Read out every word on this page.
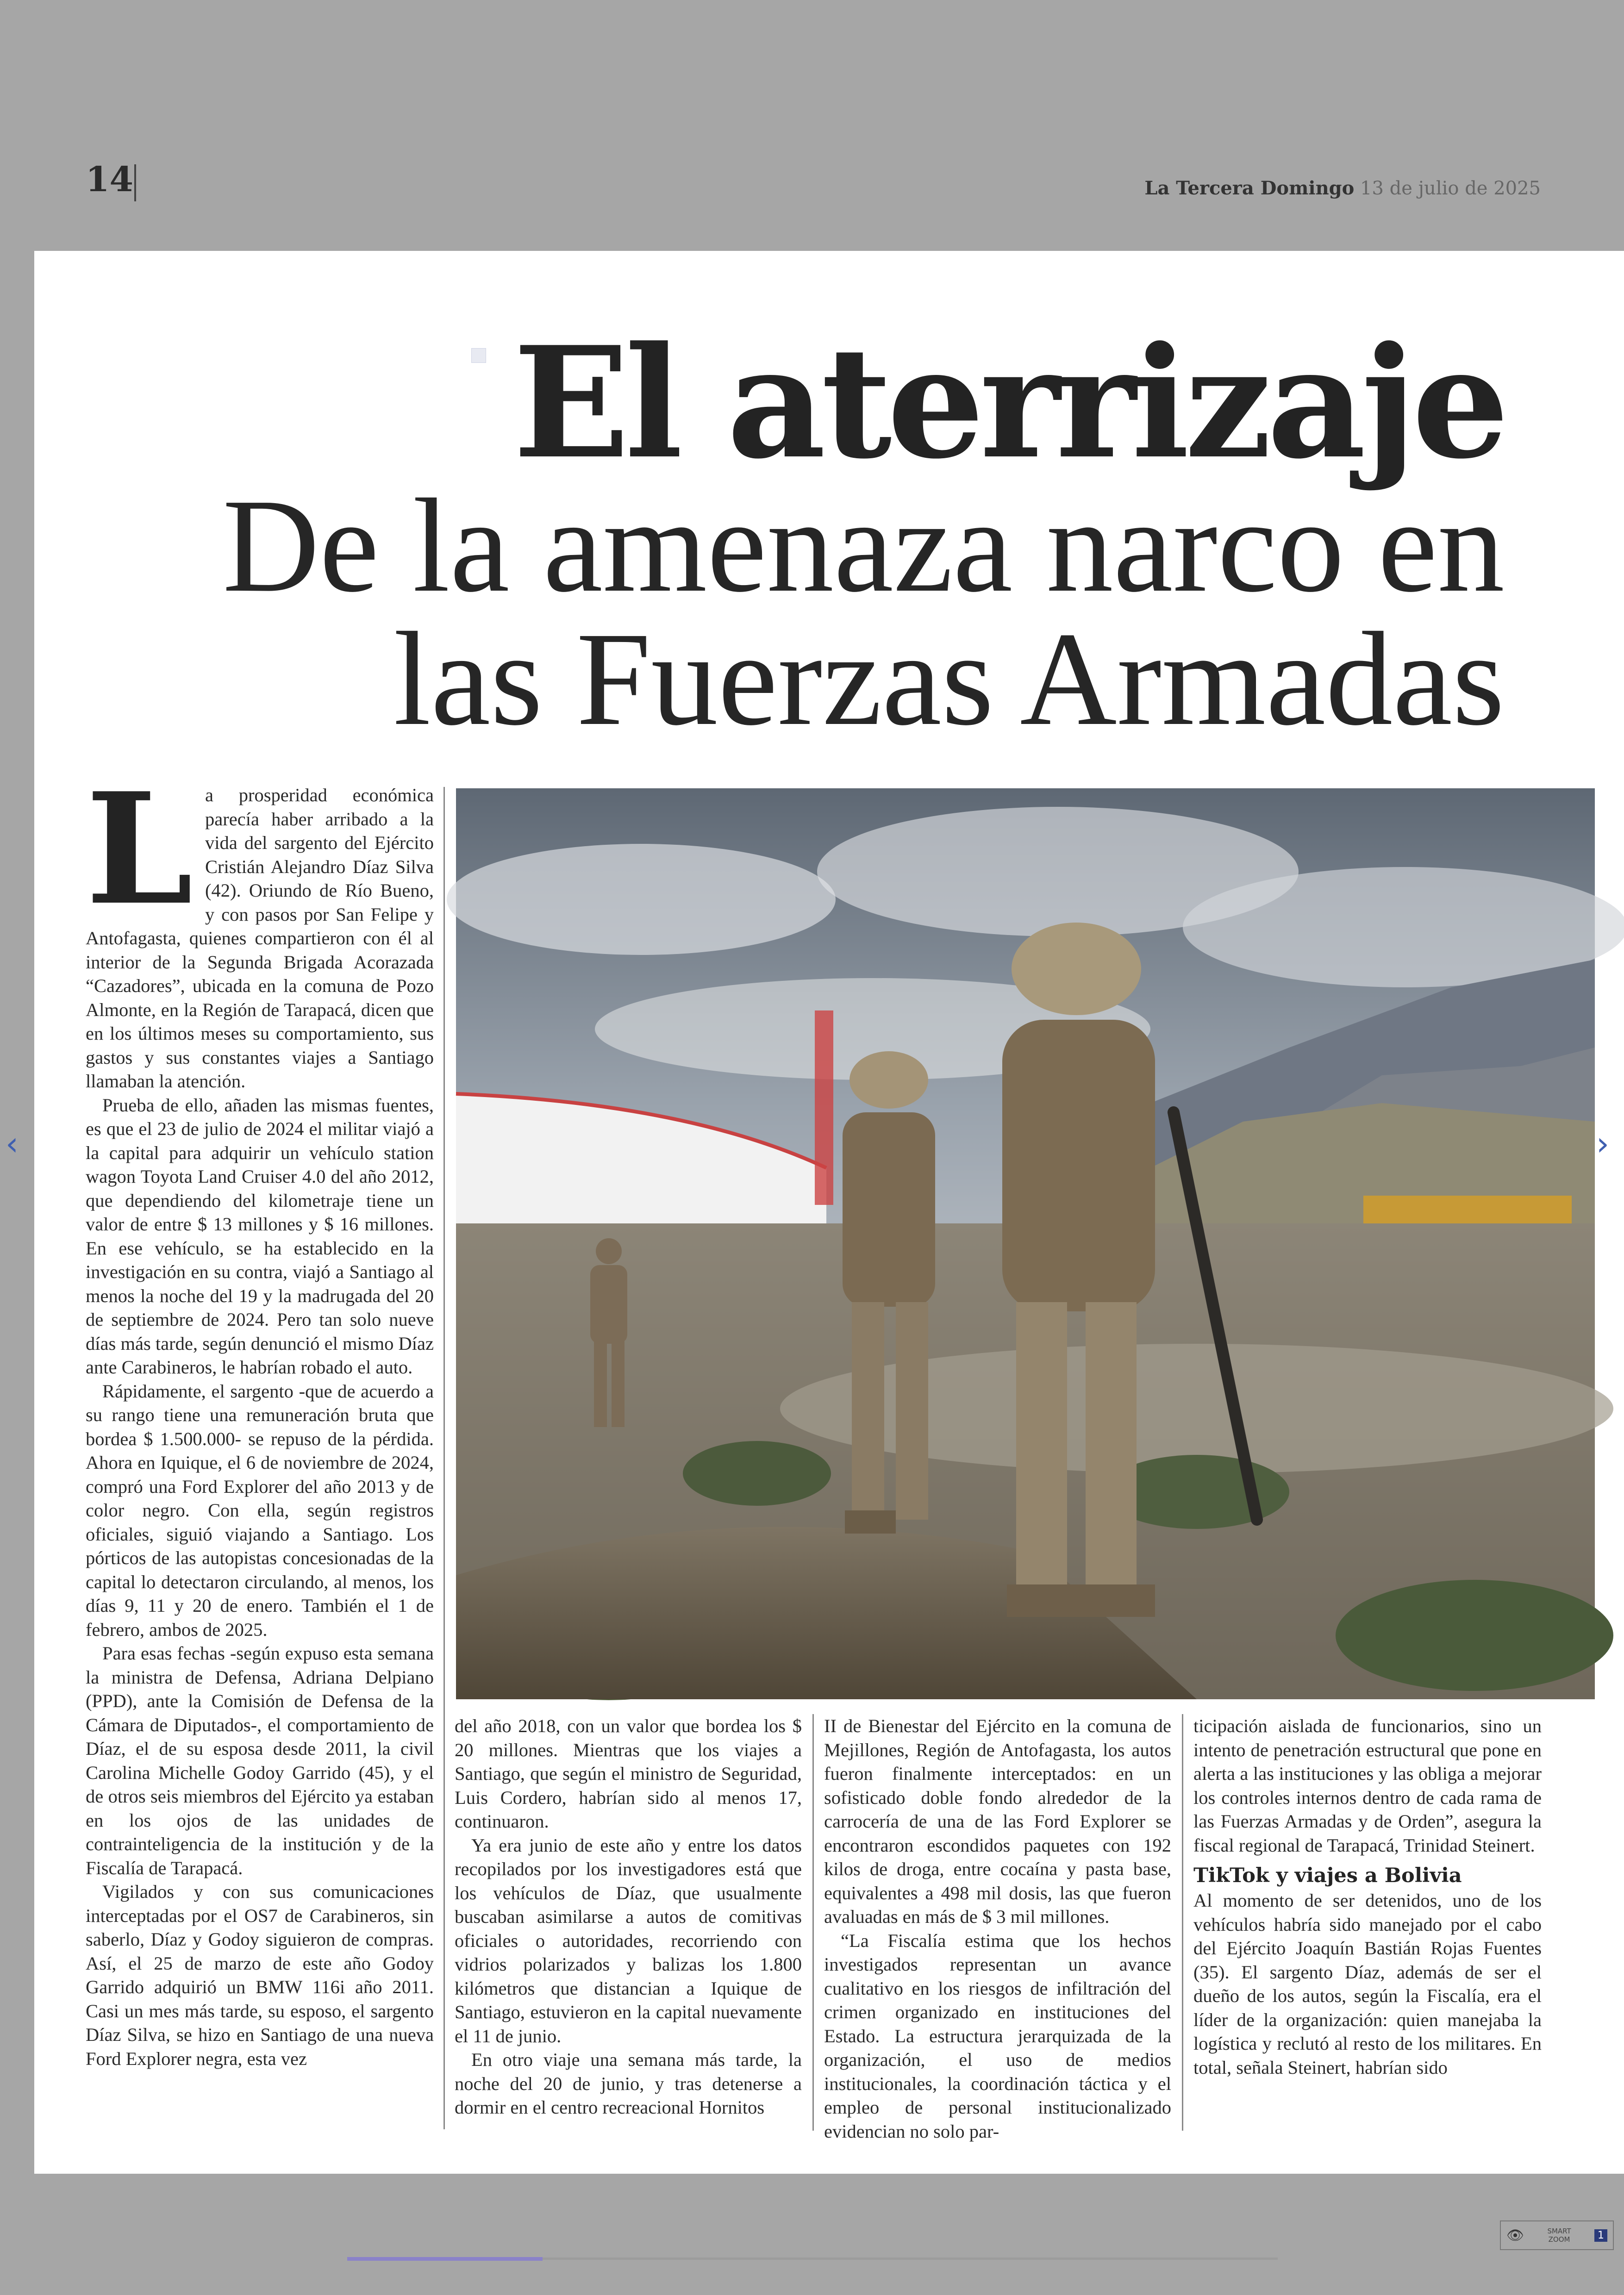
14	La Tercera Domingo 13 de julio de 2025
El aterrizaje
De la amenaza narco en
las Fuerzas Armadas
L a prosperidad económica parecía haber arribado a la vida del sargento del Ejército Cristián Alejandro Díaz Silva (42). Oriundo de Río Bueno, y con pasos por San Felipe y Antofagasta, quienes compartieron con él al interior de la Segunda Brigada Acorazada “Cazadores”, ubicada en la comuna de Pozo Almonte, en la Región de Tarapacá, dicen que en los últimos meses su comportamiento, sus gastos y sus constantes viajes a Santiago llamaban la atención.

Prueba de ello, añaden las mismas fuentes, es que el 23 de julio de 2024 el militar viajó a la capital para adquirir un vehículo station wagon Toyota Land Cruiser 4.0 del año 2012, que dependiendo del kilometraje tiene un valor de entre $ 13 millones y $ 16 millones. En ese vehículo, se ha establecido en la investigación en su contra, viajó a Santiago al menos la noche del 19 y la madrugada del 20 de septiembre de 2024. Pero tan solo nueve días más tarde, según denunció el mismo Díaz ante Carabineros, le habrían robado el auto.

Rápidamente, el sargento -que de acuerdo a su rango tiene una remuneración bruta que bordea $ 1.500.000- se repuso de la pérdida. Ahora en Iquique, el 6 de noviembre de 2024, compró una Ford Explorer del año 2013 y de color negro. Con ella, según registros oficiales, siguió viajando a Santiago. Los pórticos de las autopistas concesionadas de la capital lo detectaron circulando, al menos, los días 9, 11 y 20 de enero. También el 1 de febrero, ambos de 2025.

Para esas fechas -según expuso esta semana la ministra de Defensa, Adriana Delpiano (PPD), ante la Comisión de Defensa de la Cámara de Diputados-, el comportamiento de Díaz, el de su esposa desde 2011, la civil Carolina Michelle Godoy Garrido (45), y el de otros seis miembros del Ejército ya estaban en los ojos de las unidades de contrainteligencia de la institución y de la Fiscalía de Tarapacá.

Vigilados y con sus comunicaciones interceptadas por el OS7 de Carabineros, sin saberlo, Díaz y Godoy siguieron de compras. Así, el 25 de marzo de este año Godoy Garrido adquirió un BMW 116i año 2011. Casi un mes más tarde, su esposo, el sargento Díaz Silva, se hizo en Santiago de una nueva Ford Explorer negra, esta vez

del año 2018, con un valor que bordea los $ 20 millones. Mientras que los viajes a Santiago, que según el ministro de Seguridad, Luis Cordero, habrían sido al menos 17, continuaron.

Ya era junio de este año y entre los datos recopilados por los investigadores está que los vehículos de Díaz, que usualmente buscaban asimilarse a autos de comitivas oficiales o autoridades, recorriendo con vidrios polarizados y balizas los 1.800 kilómetros que distancian a Iquique de Santiago, estuvieron en la capital nuevamente el 11 de junio.

En otro viaje una semana más tarde, la noche del 20 de junio, y tras detenerse a dormir en el centro recreacional Hornitos

II de Bienestar del Ejército en la comuna de Mejillones, Región de Antofagasta, los autos fueron finalmente interceptados: en un sofisticado doble fondo alrededor de la carrocería de una de las Ford Explorer se encontraron escondidos paquetes con 192 kilos de droga, entre cocaína y pasta base, equivalentes a 498 mil dosis, las que fueron avaluadas en más de $ 3 mil millones.

“La Fiscalía estima que los hechos investigados representan un avance cualitativo en los riesgos de infiltración del crimen organizado en instituciones del Estado. La estructura jerarquizada de la organización, el uso de medios institucionales, la coordinación táctica y el empleo de personal institucionalizado evidencian no solo par-

ticipación aislada de funcionarios, sino un intento de penetración estructural que pone en alerta a las instituciones y las obliga a mejorar los controles internos dentro de cada rama de las Fuerzas Armadas y de Orden”, asegura la fiscal regional de Tarapacá, Trinidad Steinert.

TikTok y viajes a Bolivia

Al momento de ser detenidos, uno de los vehículos habría sido manejado por el cabo del Ejército Joaquín Bastián Rojas Fuentes (35). El sargento Díaz, además de ser el dueño de los autos, según la Fiscalía, era el líder de la organización: quien manejaba la logística y reclutó al resto de los militares. En total, señala Steinert, habrían sido

‹	›
👁	SMART
ZOOM	1
